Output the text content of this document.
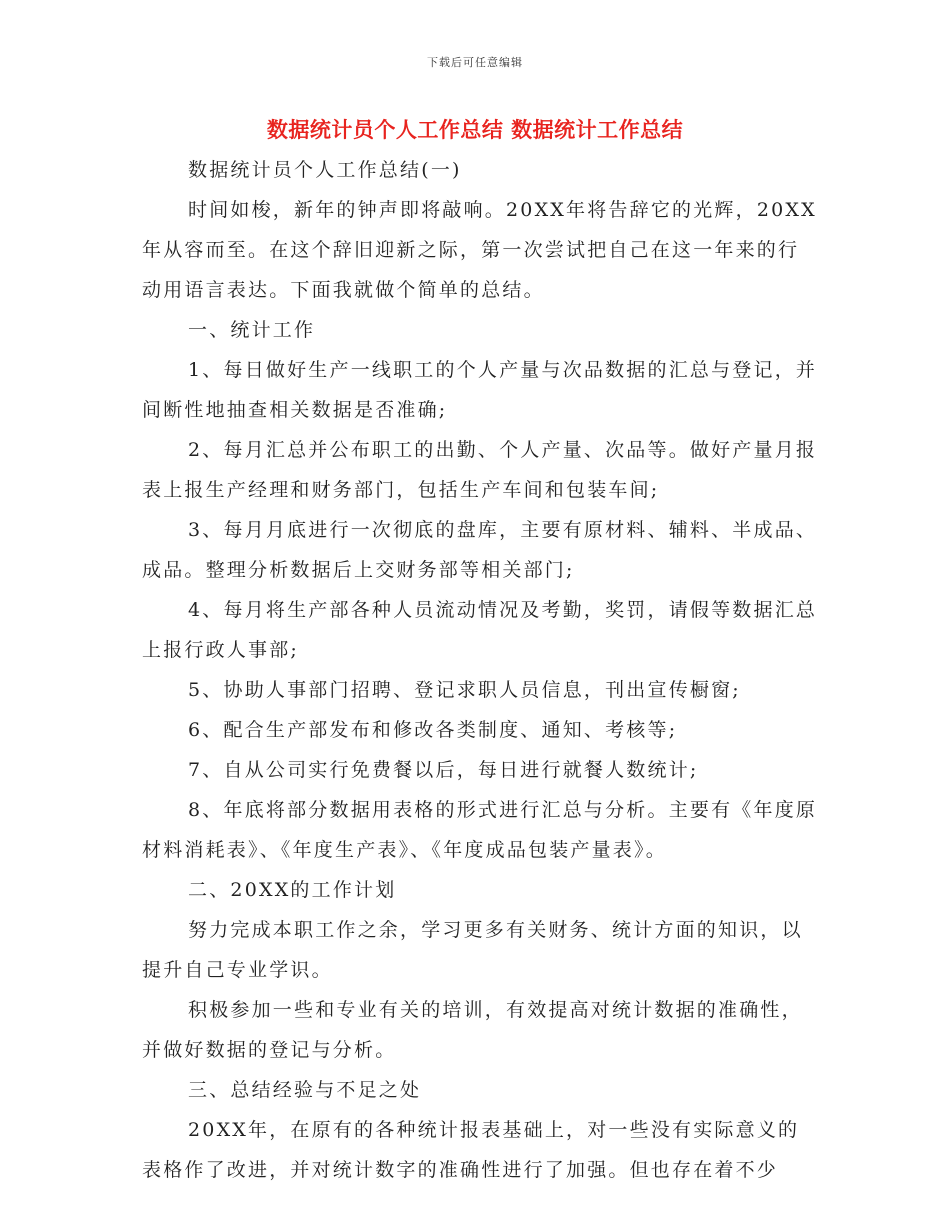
下载后可任意编辑
数据统计员个人工作总结 数据统计工作总结

数据统计员个人工作总结(一)

时间如梭，新年的钟声即将敲响。20XX年将告辞它的光辉，20XX年从容而至。在这个辞旧迎新之际，第一次尝试把自己在这一年来的行动用语言表达。下面我就做个简单的总结。

一、统计工作

1、每日做好生产一线职工的个人产量与次品数据的汇总与登记，并间断性地抽查相关数据是否准确;

2、每月汇总并公布职工的出勤、个人产量、次品等。做好产量月报表上报生产经理和财务部门，包括生产车间和包装车间;

3、每月月底进行一次彻底的盘库，主要有原材料、辅料、半成品、成品。整理分析数据后上交财务部等相关部门;

4、每月将生产部各种人员流动情况及考勤，奖罚，请假等数据汇总上报行政人事部;

5、协助人事部门招聘、登记求职人员信息，刊出宣传橱窗;

6、配合生产部发布和修改各类制度、通知、考核等;

7、自从公司实行免费餐以后，每日进行就餐人数统计;

8、年底将部分数据用表格的形式进行汇总与分析。主要有《年度原材料消耗表》、《年度生产表》、《年度成品包装产量表》。

二、20XX的工作计划

努力完成本职工作之余，学习更多有关财务、统计方面的知识，以提升自己专业学识。

积极参加一些和专业有关的培训，有效提高对统计数据的准确性，并做好数据的登记与分析。

三、总结经验与不足之处

20XX年，在原有的各种统计报表基础上，对一些没有实际意义的表格作了改进，并对统计数字的准确性进行了加强。但也存在着不少
